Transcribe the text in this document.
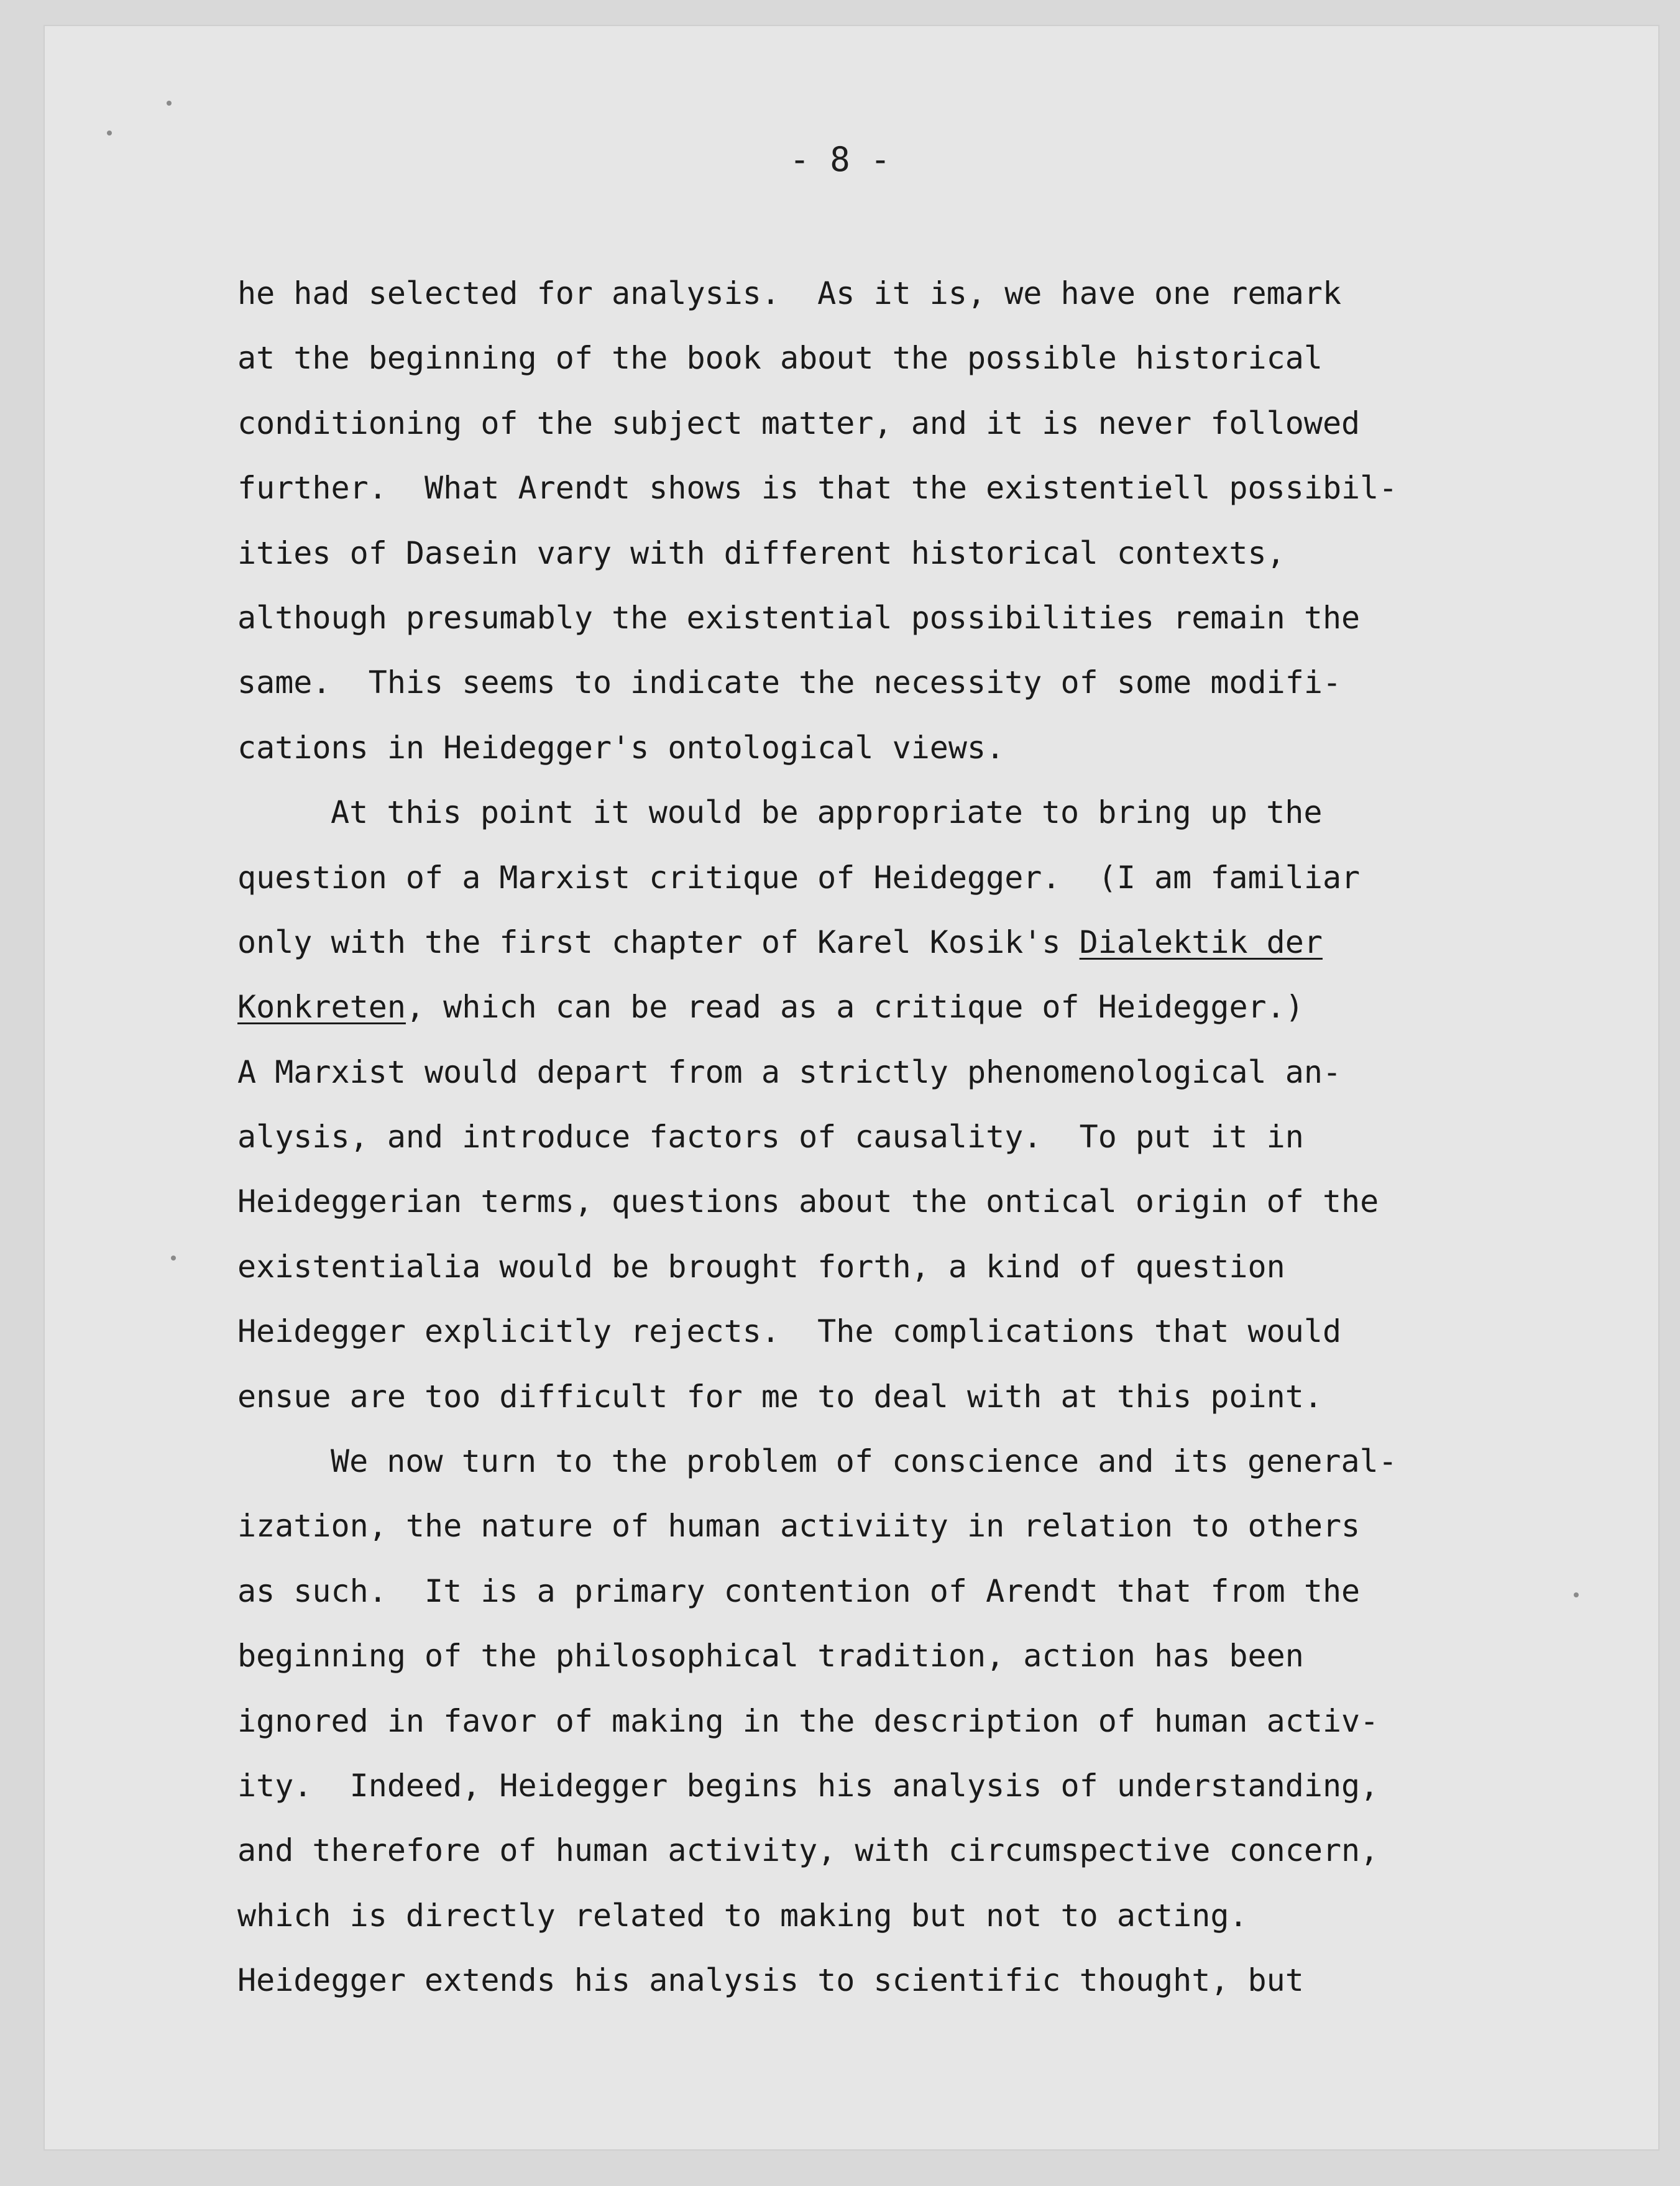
- 8 -
he had selected for analysis.  As it is, we have one remark
at the beginning of the book about the possible historical
conditioning of the subject matter, and it is never followed
further.  What Arendt shows is that the existentiell possibil-
ities of Dasein vary with different historical contexts,
although presumably the existential possibilities remain the
same.  This seems to indicate the necessity of some modifi-
cations in Heidegger's ontological views.
At this point it would be appropriate to bring up the
question of a Marxist critique of Heidegger.  (I am familiar
only with the first chapter of Karel Kosik's Dialektik der
Konkreten, which can be read as a critique of Heidegger.)
A Marxist would depart from a strictly phenomenological an-
alysis, and introduce factors of causality.  To put it in
Heideggerian terms, questions about the ontical origin of the
existentialia would be brought forth, a kind of question
Heidegger explicitly rejects.  The complications that would
ensue are too difficult for me to deal with at this point.
We now turn to the problem of conscience and its general-
ization, the nature of human activiity in relation to others
as such.  It is a primary contention of Arendt that from the
beginning of the philosophical tradition, action has been
ignored in favor of making in the description of human activ-
ity.  Indeed, Heidegger begins his analysis of understanding,
and therefore of human activity, with circumspective concern,
which is directly related to making but not to acting.
Heidegger extends his analysis to scientific thought, but
